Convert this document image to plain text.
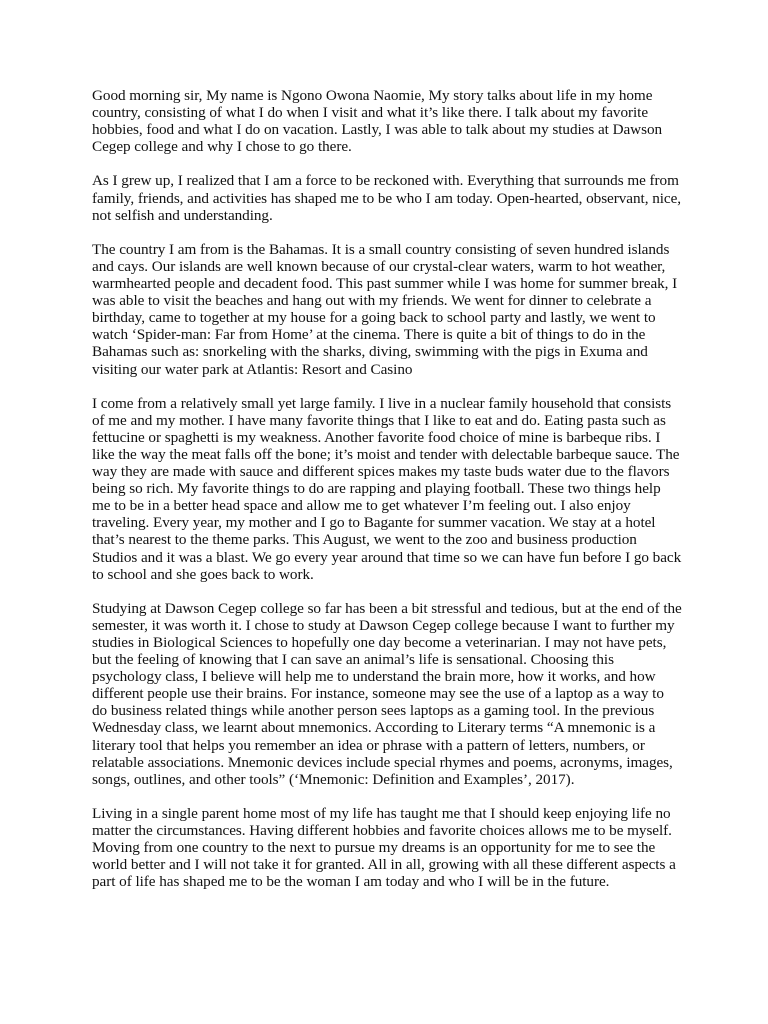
Good morning sir, My name is Ngono Owona Naomie, My story talks about life in my home country, consisting of what I do when I visit and what it’s like there. I talk about my favorite hobbies, food and what I do on vacation. Lastly, I was able to talk about my studies at Dawson Cegep college and why I chose to go there.

As I grew up, I realized that I am a force to be reckoned with. Everything that surrounds me from family, friends, and activities has shaped me to be who I am today. Open-hearted, observant, nice, not selfish and understanding.

The country I am from is the Bahamas. It is a small country consisting of seven hundred islands and cays. Our islands are well known because of our crystal-clear waters, warm to hot weather, warmhearted people and decadent food. This past summer while I was home for summer break, I was able to visit the beaches and hang out with my friends. We went for dinner to celebrate a birthday, came to together at my house for a going back to school party and lastly, we went to watch ‘Spider-man: Far from Home’ at the cinema. There is quite a bit of things to do in the Bahamas such as: snorkeling with the sharks, diving, swimming with the pigs in Exuma and visiting our water park at Atlantis: Resort and Casino

I come from a relatively small yet large family. I live in a nuclear family household that consists of me and my mother. I have many favorite things that I like to eat and do. Eating pasta such as fettucine or spaghetti is my weakness. Another favorite food choice of mine is barbeque ribs. I like the way the meat falls off the bone; it’s moist and tender with delectable barbeque sauce. The way they are made with sauce and different spices makes my taste buds water due to the flavors being so rich. My favorite things to do are rapping and playing football. These two things help me to be in a better head space and allow me to get whatever I’m feeling out. I also enjoy traveling. Every year, my mother and I go to Bagante for summer vacation. We stay at a hotel that’s nearest to the theme parks. This August, we went to the zoo and business production Studios and it was a blast. We go every year around that time so we can have fun before I go back to school and she goes back to work.

Studying at Dawson Cegep college so far has been a bit stressful and tedious, but at the end of the semester, it was worth it. I chose to study at Dawson Cegep college because I want to further my studies in Biological Sciences to hopefully one day become a veterinarian. I may not have pets, but the feeling of knowing that I can save an animal’s life is sensational. Choosing this psychology class, I believe will help me to understand the brain more, how it works, and how different people use their brains. For instance, someone may see the use of a laptop as a way to do business related things while another person sees laptops as a gaming tool. In the previous Wednesday class, we learnt about mnemonics. According to Literary terms “A mnemonic is a literary tool that helps you remember an idea or phrase with a pattern of letters, numbers, or relatable associations. Mnemonic devices include special rhymes and poems, acronyms, images, songs, outlines, and other tools” (‘Mnemonic: Definition and Examples’, 2017).

Living in a single parent home most of my life has taught me that I should keep enjoying life no matter the circumstances. Having different hobbies and favorite choices allows me to be myself. Moving from one country to the next to pursue my dreams is an opportunity for me to see the world better and I will not take it for granted. All in all, growing with all these different aspects a part of life has shaped me to be the woman I am today and who I will be in the future.
